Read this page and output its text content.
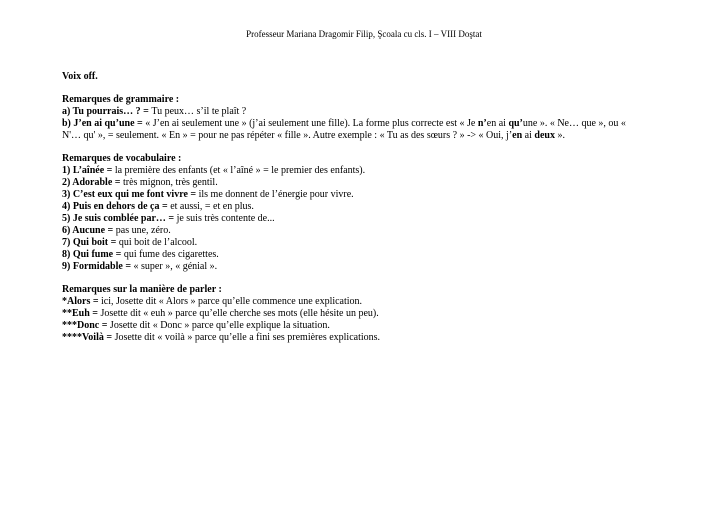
Professeur Mariana Dragomir Filip, Şcoala cu cls. I – VIII Doştat

Voix off.

Remarques de grammaire :
a) Tu pourrais… ? = Tu peux… s’il te plaît ?
b) J’en ai qu’une = « J’en ai seulement une » (j’ai seulement une fille). La forme plus correcte est « Je n’en ai qu’une ». « Ne… que », ou «
N'… qu' », = seulement. « En » = pour ne pas répéter « fille ». Autre exemple : « Tu as des sœurs ? » -> « Oui, j’en ai deux ».
Remarques de vocabulaire :
1) L’aînée = la première des enfants (et « l’aîné » = le premier des enfants).
2) Adorable = très mignon, très gentil.
3) C’est eux qui me font vivre = ils me donnent de l’énergie pour vivre.
4) Puis en dehors de ça = et aussi, = et en plus.
5) Je suis comblée par… = je suis très contente de...
6) Aucune = pas une, zéro.
7) Qui boit = qui boit de l’alcool.
8) Qui fume = qui fume des cigarettes.
9) Formidable = « super », « génial ».
Remarques sur la manière de parler :
*Alors = ici, Josette dit « Alors » parce qu’elle commence une explication.
**Euh = Josette dit « euh » parce qu’elle cherche ses mots (elle hésite un peu).
***Donc = Josette dit « Donc » parce qu’elle explique la situation.
****Voilà = Josette dit « voilà » parce qu’elle a fini ses premières explications.
